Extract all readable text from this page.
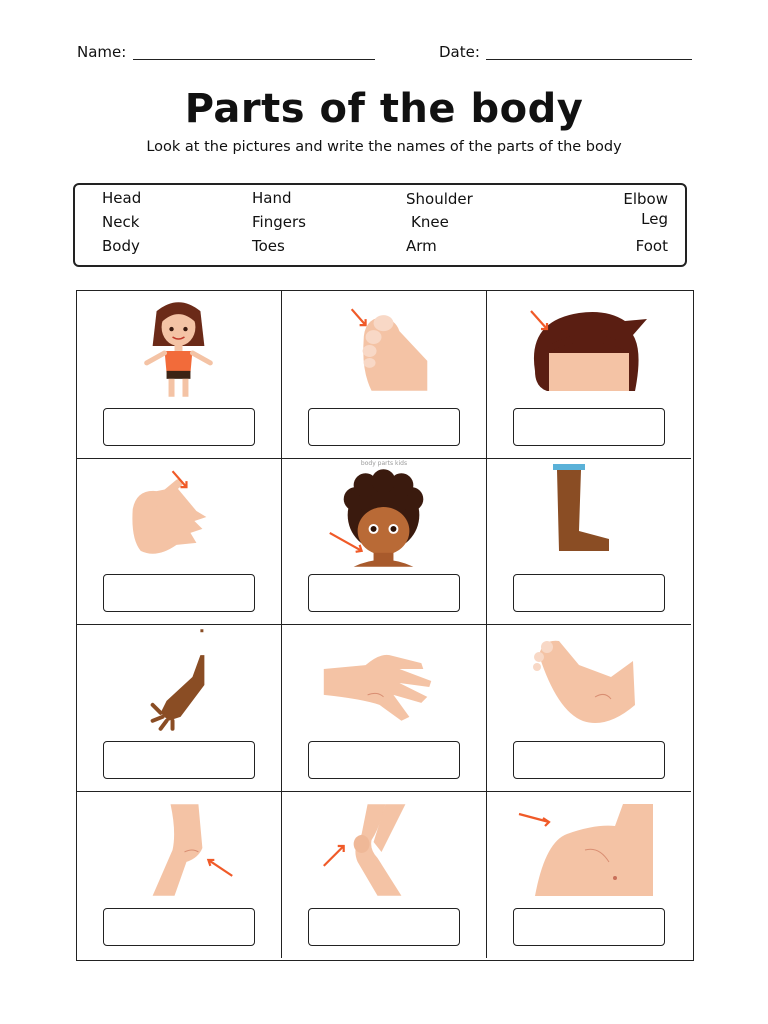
Name:	Date:
Parts of the body
Look at the pictures and write the names of the parts of the body
Head
Neck
Body
Hand
Fingers
Toes
Shoulder
Knee
Arm
Elbow
Leg
Foot
body parts kids
